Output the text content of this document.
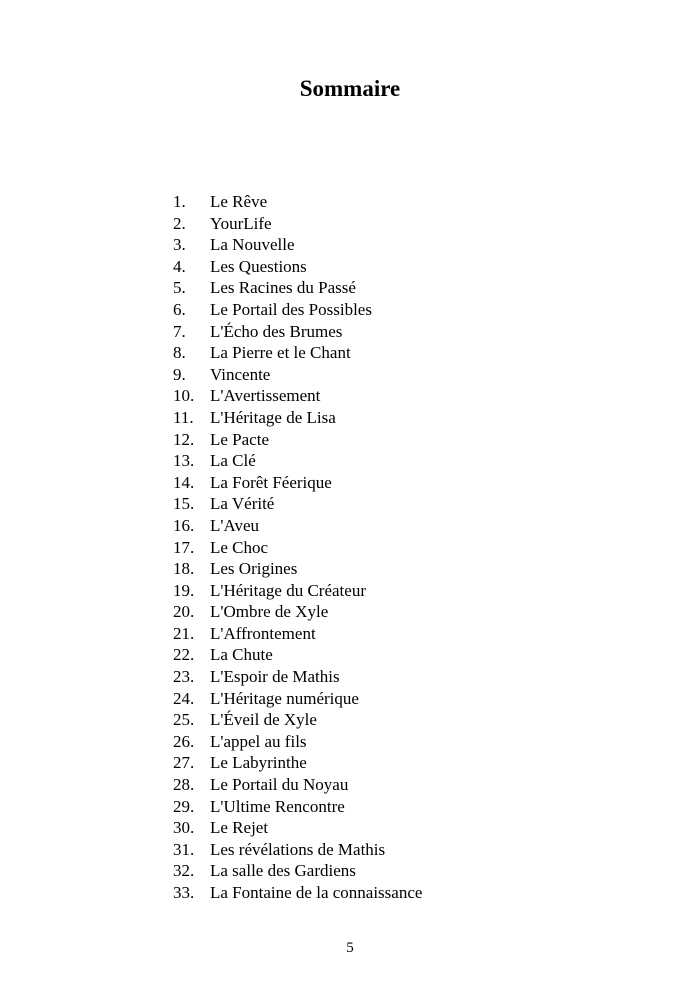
Sommaire
1.	Le Rêve
2.	YourLife
3.	La Nouvelle
4.	Les Questions
5.	Les Racines du Passé
6.	Le Portail des Possibles
7.	L'Écho des Brumes
8.	La Pierre et le Chant
9.	Vincente
10. L'Avertissement
11. L'Héritage de Lisa
12. Le Pacte
13. La Clé
14. La Forêt Féerique
15. La Vérité
16. L'Aveu
17. Le Choc
18. Les Origines
19. L'Héritage du Créateur
20. L'Ombre de Xyle
21. L'Affrontement
22. La Chute
23. L'Espoir de Mathis
24. L'Héritage numérique
25. L'Éveil de Xyle
26. L'appel au fils
27. Le Labyrinthe
28. Le Portail du Noyau
29. L'Ultime Rencontre
30. Le Rejet
31. Les révélations de Mathis
32. La salle des Gardiens
33. La Fontaine de la connaissance
5
